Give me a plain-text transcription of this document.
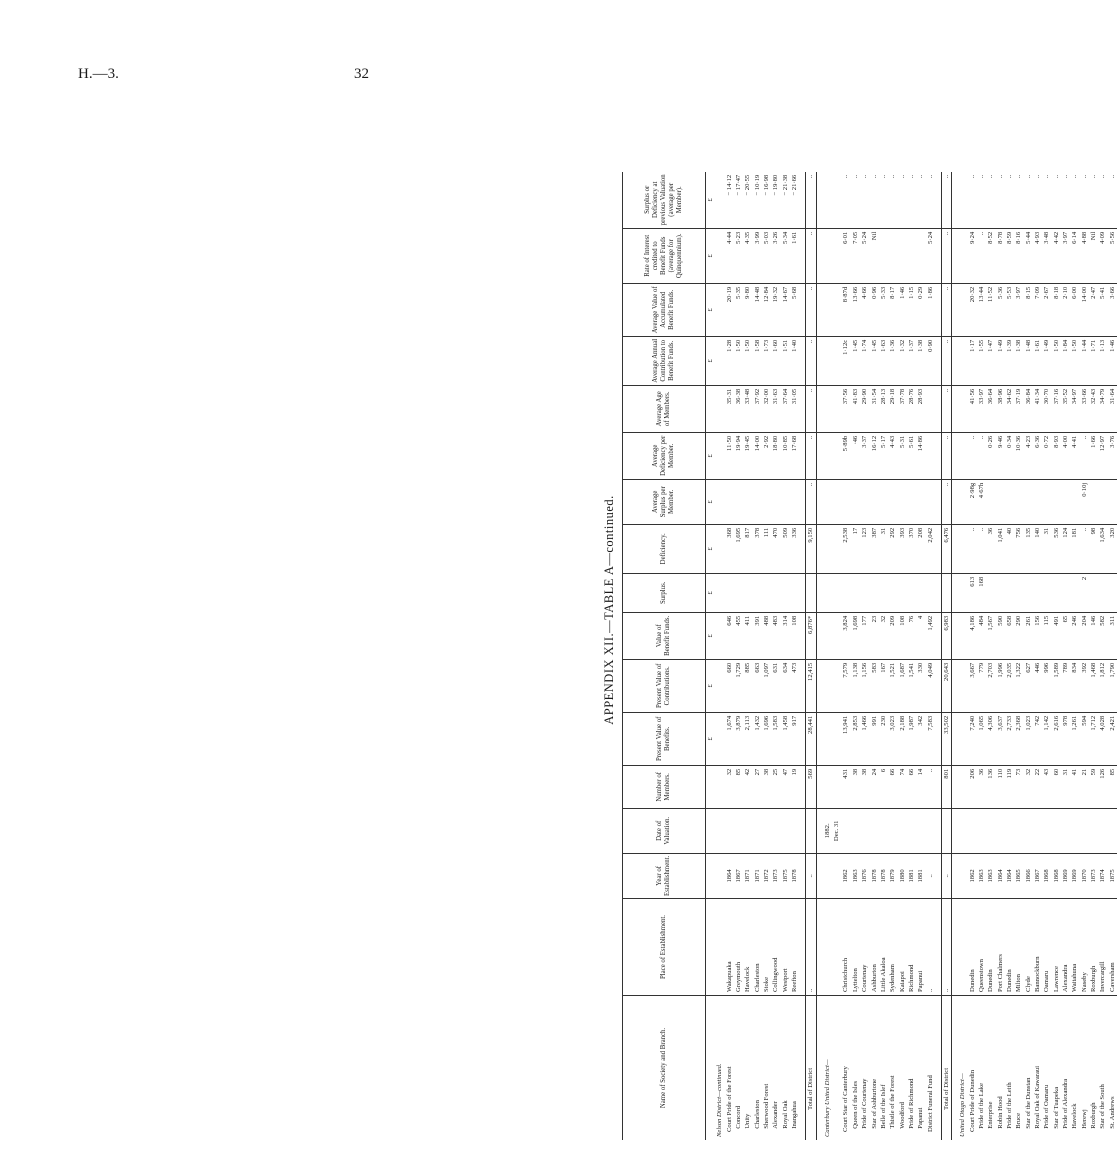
H.—3.	32
APPENDIX XII.—TABLE A—continued.
Name of Society and Branch.	Place of Establishment.	Year of Establishment.	Date of Valuation.	Number of Members.	Present Value of Benefits.	Present Value of Contributions.	Value of Benefit Funds.	Surplus.	Deficiency.	Average Surplus per Member.	Average Deficiency per Member.	Average Age of Members.	Average Annual Contribution to Benefit Funds.	Average Value of Accumulated Benefit Funds.	Rate of Interest credited to Benefit Funds (average for Quinquennium).	Surplus or Deficiency at previous Valuation (average per Member).
					£	£	£	£	£	£	£		£	£	£	£
Nelson District—continued.																
Court Pride of the Forest	Wakapuaka	1864		32	1,674	660	646		368		11·50	35·31	1·28	20·19	4·44	− 14·12
Concord	Greymouth	1867		85	3,879	1,729	455		1,695		19·94	36·38	1·50	5·35	5·23	− 17·47
Unity	Havelock	1871		42	2,113	885	411		817		19·45	33·48	1·50	9·80	4·35	− 20·55
Charleston	Charleston	1871		27	1,432	663	391		378		14·00	37·92	1·58	14·48	3·99	− 10·19
Sherwood Forest	Stoke	1872		38	1,696	1,097	488		111		2·92	32·00	1·73	12·84	5·03	− 16·98
Alexander	Collingwood	1873		25	1,583	631	483		470		18·80	31·63	1·60	19·32	3·26	− 19·80
Royal Oak	Westport	1875		47	1,458	634	314		509		10·85	37·64	1·51	14·67	5·34	− 21·38
Inangahua	Reefton	1878		19	917	473	108		336		17·68	31·05	1·40	5·68	1·61	− 21·66

Total of District	..	..		569	28,441	12,415	6,876*		9,150	..	..	..	..	..	..	..

Canterbury United District—			1882. Dec. 31													

Court Star of Canterbury	Christchurch	1862		431	13,941	7,579	3,824		2,538		5·89b	37·56	1·12c	8·87d	6·01	..
Queen of the Isles	Lyttelton	1863		38	2,853	1,138	1,698		17		·46	41·83	1·45	13·66	7·05	..
Pride of Courtenay	Courtenay	1876		38	1,466	1,156	177		123		3·37	29·90	1·74	4·66	5·24	..
Star of Ashburtone	Ashburton	1878		24	991	583	23		387		16·12	31·54	1·45	0·96	Nil	..
Belle of the Islef	Little Akaloa	1878		6	230	167	32		31		5·17	28·13	1·63	5·33		..
Thistle of the Forest	Sydenham	1879		66	3,023	1,521	209		292		4·43	29·18	1·36	8·17		..
Woodford	Kaiapoi	1880		74	2,188	1,687	108		393		5·31	37·78	1·32	1·46		..
Pride of Richmond	Richmond	1881		66	1,987	1,541	76		370		5·61	28·76	1·37	1·15		..
Papanui	Papanui	1881		14	342	330	4		208		14·86	28·93	1·38	0·29		..
District Funeral Fund	..	..		..	7,583	4,049	1,492		2,042				0·90	1·86	5·24	..

Total of District	..	..		801	33,502	20,643	6,983		6,476	..	..	..	..	..	..	..

United Otago District—																
Court Pride of Dunedin	Dunedin	1862		206	7,240	3,667	4,186	613	..	2·98g	..	41·56	1·17	20·32	9·24	..
Pride of the Lake	Queenstown	1863		36	1,065	779	484	168	..	4·67h	..	33·97	1·55	13·44	..	..
Enterprise	Dunedin	1863		136	4,306	2,703	1,567		36		0·26	36·64	1·47	11·52	8·52	..
Robin Hood	Port Chalmers	1864		110	3,637	1,996	590		1,041		9·46	38·96	1·49	5·36	8·78	..
Pride of the Leith	Dunedin	1864		119	2,733	2,035	658		40		0·34	34·62	1·39	5·53	8·59	..
Bruce	Milton	1865		73	2,368	1,322	290		756		10·36	37·19	1·38	3·97	8·16	..
Star of the Dunstan	Clyde	1866		32	1,023	627	261		135		4·23	36·84	1·48	8·15	5·44	..
Royal Oak of Kawaraui	Bannockburn	1867		22	742	446	156		140		6·36	41·34	1·61	7·09	4·93	..
Pride of Oamaru	Oamaru	1868		43	1,142	996	115		31		0·72	30·70	1·49	2·67	3·48	..
Star of Tuapeka	Lawrence	1868		60	2,616	1,589	491		536		8·93	37·16	1·50	8·18	4·42	..
Pride of Alexandra	Alexandra	1869		31	978	789	65		124		4·00	35·52	1·84	2·10	3·97	..
Havelock	Waitahuna	1869		41	1,261	834	246		181		4·41	34·97	1·50	6·00	6·14	..
Herewj	Naseby	1870		21	594	392	204	2	..	0·10j	..	33·66	1·44	14·00	4·88	..
Roxburgh	Roxburgh	1873		59	1,712	1,468	146		98		1·66	32·43	1·71	2·47	Nil	..
Star of the South	Invercargill	1874		126	4,028	1,812	582		1,634		12·97	34·79	1·13	5·41	4·09	..
St. Andrews	Caversham	1875		85	2,421	1,790	311		320		3·76	31·64	1·46	3·66	5·56	..
